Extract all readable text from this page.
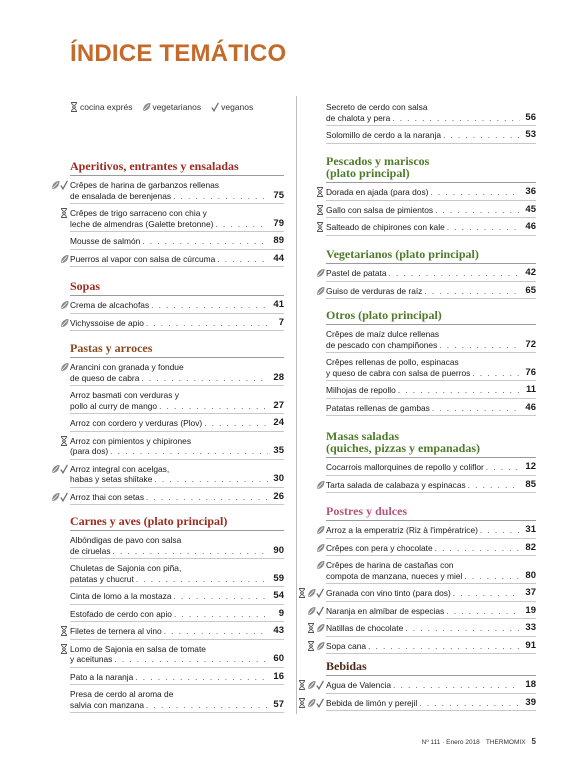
ÍNDICE TEMÁTICO
cocina exprés vegetarianos veganos
Aperitivos, entrantes y ensaladas
Crêpes de harina de garbanzos rellenas
de ensalada de berenjenas . . .	75
Crêpes de trigo sarraceno con chia y
leche de almendras (Galette bretonne) . . .	79
Mousse de salmón . . .	89
Puerros al vapor con salsa de cúrcuma . . .	44
Sopas
Crema de alcachofas . . .	41
Vichyssoise de apio . . .	7
Pastas y arroces
Arancini con granada y fondue
de queso de cabra . . .	28
Arroz basmati con verduras y
pollo al curry de mango . . .	27
Arroz con cordero y verduras (Plov) . . .	24
Arroz con pimientos y chipirones
(para dos) . . .	35
Arroz integral con acelgas,
habas y setas shiitake . . .	30
Arroz thai con setas . . .	26
Carnes y aves (plato principal)
Albóndigas de pavo con salsa
de ciruelas . . .	90
Chuletas de Sajonia con piña,
patatas y chucrut . . .	59
Cinta de lomo a la mostaza . . .	54
Estofado de cerdo con apio . . .	9
Filetes de ternera al vino . . .	43
Lomo de Sajonia en salsa de tomate
y aceitunas . . .	60
Pato a la naranja . . .	16
Presa de cerdo al aroma de
salvia con manzana . . .	57
Secreto de cerdo con salsa
de chalota y pera . . .	56
Solomillo de cerdo a la naranja . . .	53
Pescados y mariscos
(plato principal)
Dorada en ajada (para dos) . . .	36
Gallo con salsa de pimientos . . .	45
Salteado de chipirones con kale . . .	46
Vegetarianos (plato principal)
Pastel de patata . . .	42
Guiso de verduras de raíz . . .	65
Otros (plato principal)
Crêpes de maíz dulce rellenas
de pescado con champiñones . . .	72
Crêpes rellenas de pollo, espinacas
y queso de cabra con salsa de puerros . . .	76
Milhojas de repollo . . .	11
Patatas rellenas de gambas . . .	46
Masas saladas
(quiches, pizzas y empanadas)
Cocarrois mallorquines de repollo y coliflor . . .	12
Tarta salada de calabaza y espinacas . . .	85
Postres y dulces
Arroz a la emperatriz (Riz à l'impératrice) . . .	31
Crêpes con pera y chocolate . . .	82
Crêpes de harina de castañas con
compota de manzana, nueces y miel . . .	80
Granada con vino tinto (para dos) . . .	37
Naranja en almíbar de especias . . .	19
Natillas de chocolate . . .	33
Sopa cana . . .	91
Bebidas
Agua de Valencia . . .	18
Bebida de limón y perejil . . .	39
Nº 111 · Enero 2018 THERMOMIX 5
